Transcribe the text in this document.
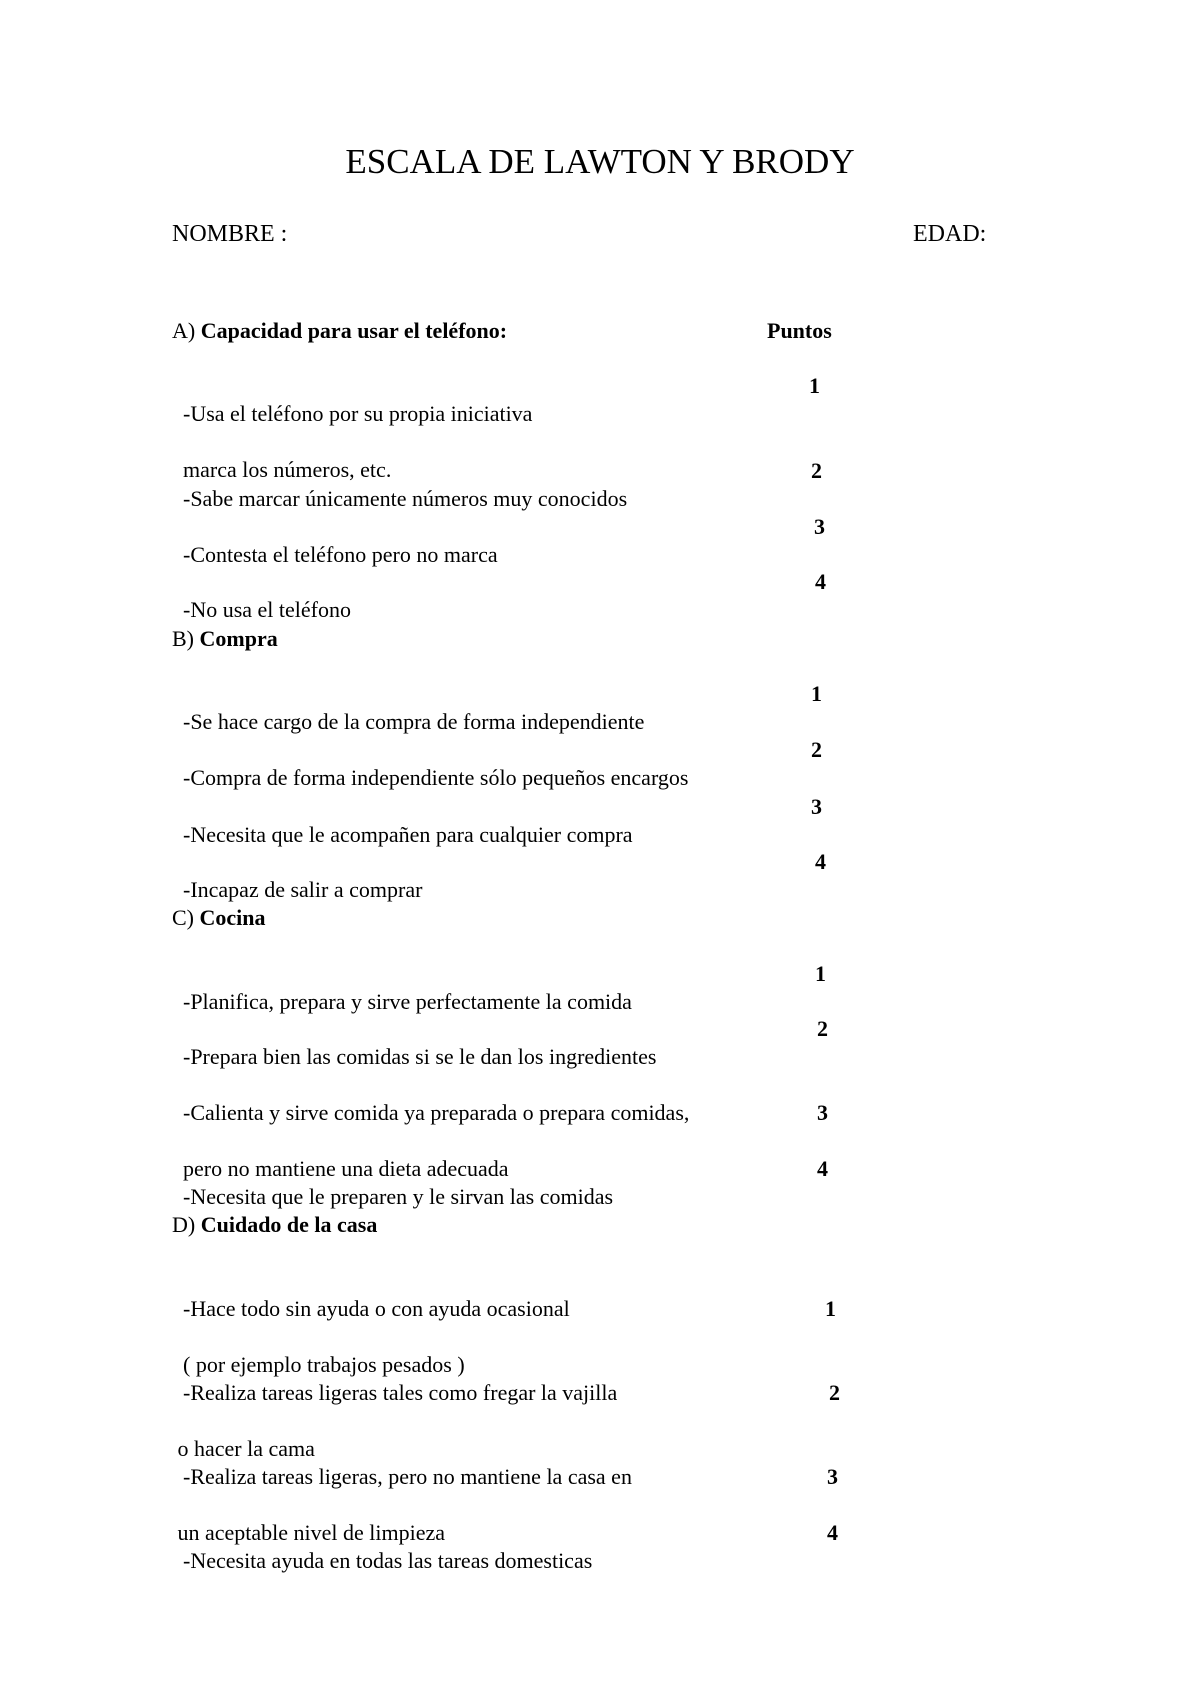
ESCALA DE LAWTON Y BRODY
NOMBRE :	EDAD:
Puntos
A) Capacidad para usar el teléfono:

-Usa el teléfono por su propia iniciativa

marca los números, etc.

1

-Sabe marcar únicamente números muy conocidos

2

-Contesta el teléfono pero no marca

3

-No usa el teléfono

4
B) Compra

-Se hace cargo de la compra de forma independiente

1

-Compra de forma independiente sólo pequeños encargos

2

-Necesita que le acompañen para cualquier compra

3

-Incapaz de salir a comprar

4
C) Cocina

-Planifica, prepara y sirve perfectamente la comida

1

-Prepara bien las comidas si se le dan los ingredientes

2

-Calienta y sirve comida ya preparada o prepara comidas,

pero no mantiene una dieta adecuada

3

-Necesita que le preparen y le sirvan las comidas

4
D) Cuidado de la casa

-Hace todo sin ayuda o con ayuda ocasional

( por ejemplo trabajos pesados )

1

-Realiza tareas ligeras tales como fregar la vajilla

o hacer la cama

2

-Realiza tareas ligeras, pero no mantiene la casa en

un aceptable nivel de limpieza

3

-Necesita ayuda en todas las tareas domesticas

4
